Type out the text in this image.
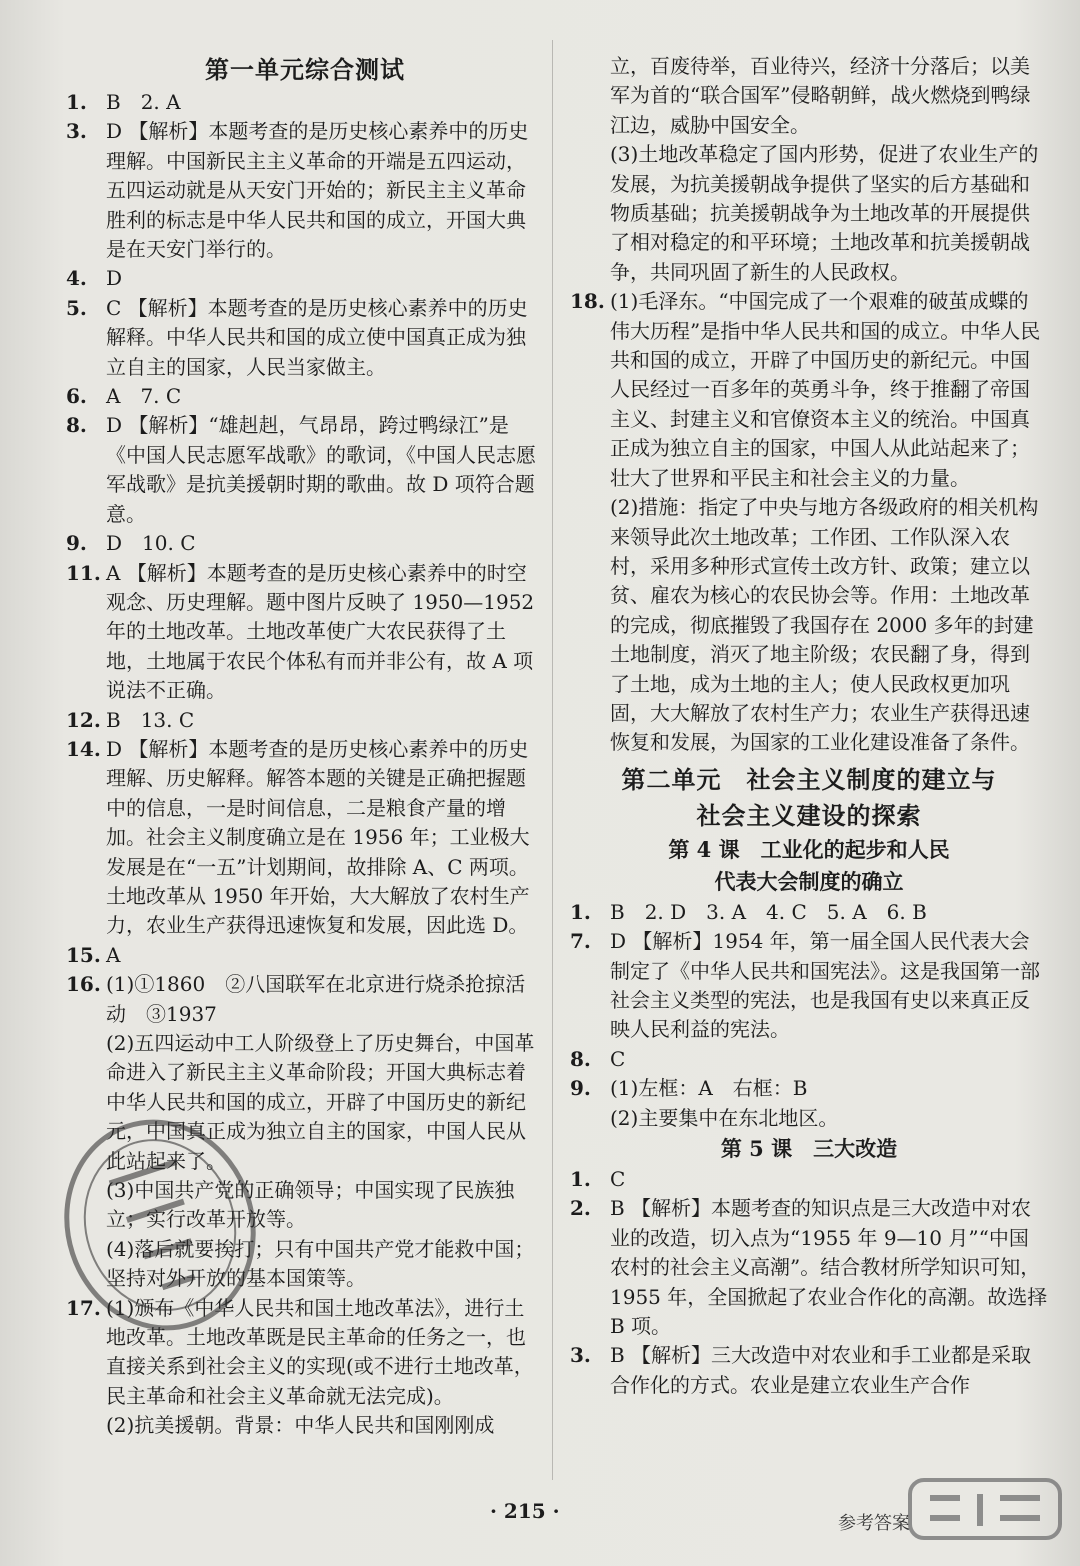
第一单元综合测试
1. B　2. A
3. D 【解析】本题考查的是历史核心素养中的历史理解。中国新民主主义革命的开端是五四运动，五四运动就是从天安门开始的；新民主主义革命胜利的标志是中华人民共和国的成立，开国大典是在天安门举行的。
4. D
5. C 【解析】本题考查的是历史核心素养中的历史解释。中华人民共和国的成立使中国真正成为独立自主的国家，人民当家做主。
6. A　7. C
8. D 【解析】“雄赳赳，气昂昂，跨过鸭绿江”是《中国人民志愿军战歌》的歌词，《中国人民志愿军战歌》是抗美援朝时期的歌曲。故 D 项符合题意。
9. D　10. C
11. A 【解析】本题考查的是历史核心素养中的时空观念、历史理解。题中图片反映了 1950—1952 年的土地改革。土地改革使广大农民获得了土地，土地属于农民个体私有而并非公有，故 A 项说法不正确。
12. B　13. C
14. D 【解析】本题考查的是历史核心素养中的历史理解、历史解释。解答本题的关键是正确把握题中的信息，一是时间信息，二是粮食产量的增加。社会主义制度确立是在 1956 年；工业极大发展是在“一五”计划期间，故排除 A、C 两项。土地改革从 1950 年开始，大大解放了农村生产力，农业生产获得迅速恢复和发展，因此选 D。
15. A
16. (1)①1860　②八国联军在北京进行烧杀抢掠活动　③1937
(2)五四运动中工人阶级登上了历史舞台，中国革命进入了新民主主义革命阶段；开国大典标志着中华人民共和国的成立，开辟了中国历史的新纪元，中国真正成为独立自主的国家，中国人民从此站起来了。
(3)中国共产党的正确领导；中国实现了民族独立；实行改革开放等。
(4)落后就要挨打；只有中国共产党才能救中国；坚持对外开放的基本国策等。
17. (1)颁布《中华人民共和国土地改革法》，进行土地改革。土地改革既是民主革命的任务之一，也直接关系到社会主义的实现(或不进行土地改革，民主革命和社会主义革命就无法完成)。
(2)抗美援朝。背景：中华人民共和国刚刚成
立，百废待举，百业待兴，经济十分落后；以美军为首的“联合国军”侵略朝鲜，战火燃烧到鸭绿江边，威胁中国安全。
(3)土地改革稳定了国内形势，促进了农业生产的发展，为抗美援朝战争提供了坚实的后方基础和物质基础；抗美援朝战争为土地改革的开展提供了相对稳定的和平环境；土地改革和抗美援朝战争，共同巩固了新生的人民政权。
18. (1)毛泽东。“中国完成了一个艰难的破茧成蝶的伟大历程”是指中华人民共和国的成立。中华人民共和国的成立，开辟了中国历史的新纪元。中国人民经过一百多年的英勇斗争，终于推翻了帝国主义、封建主义和官僚资本主义的统治。中国真正成为独立自主的国家，中国人从此站起来了；壮大了世界和平民主和社会主义的力量。
(2)措施：指定了中央与地方各级政府的相关机构来领导此次土地改革；工作团、工作队深入农村，采用多种形式宣传土改方针、政策；建立以贫、雇农为核心的农民协会等。作用：土地改革的完成，彻底摧毁了我国存在 2000 多年的封建土地制度，消灭了地主阶级；农民翻了身，得到了土地，成为土地的主人；使人民政权更加巩固，大大解放了农村生产力；农业生产获得迅速恢复和发展，为国家的工业化建设准备了条件。
第二单元　社会主义制度的建立与
社会主义建设的探索
第 4 课　工业化的起步和人民
代表大会制度的确立
1. B　2. D　3. A　4. C　5. A　6. B
7. D 【解析】1954 年，第一届全国人民代表大会制定了《中华人民共和国宪法》。这是我国第一部社会主义类型的宪法，也是我国有史以来真正反映人民利益的宪法。
8. C
9. (1)左框：A　右框：B
(2)主要集中在东北地区。
第 5 课　三大改造
1. C
2. B 【解析】本题考查的知识点是三大改造中对农业的改造，切入点为“1955 年 9—10 月”“中国农村的社会主义高潮”。结合教材所学知识可知，1955 年，全国掀起了农业合作化的高潮。故选择 B 项。
3. B 【解析】三大改造中对农业和手工业都是采取合作化的方式。农业是建立农业生产合作
· 215 ·
参考答案
